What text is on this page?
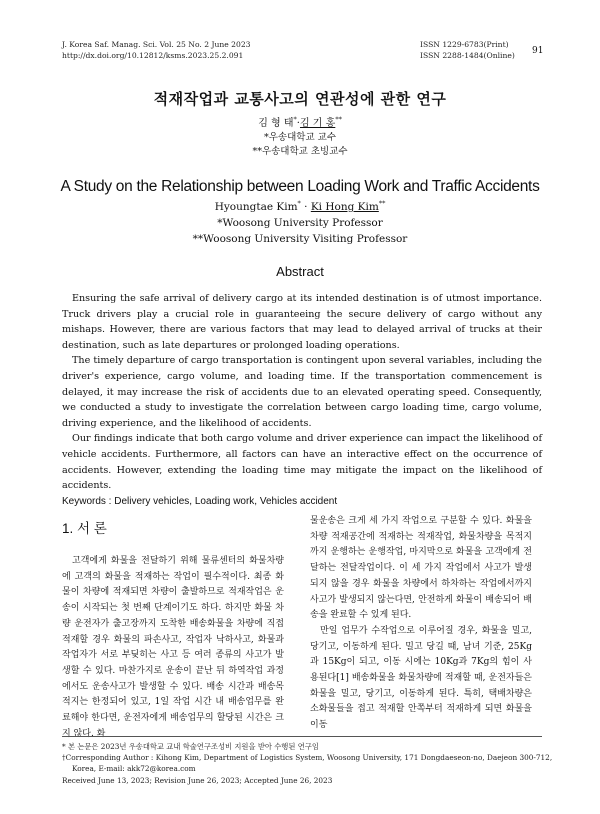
J. Korea Saf. Manag. Sci. Vol. 25 No. 2 June 2023
http://dx.doi.org/10.12812/ksms.2023.25.2.091
ISSN 1229-6783(Print)
ISSN 2288-1484(Online) 91
적재작업과 교통사고의 연관성에 관한 연구
김 형 태*·김 기 홍**
*우송대학교 교수
**우송대학교 초빙교수
A Study on the Relationship between Loading Work and Traffic Accidents
Hyoungtae Kim* · Ki Hong Kim**
*Woosong University Professor
**Woosong University Visiting Professor
Abstract

Ensuring the safe arrival of delivery cargo at its intended destination is of utmost importance. Truck drivers play a crucial role in guaranteeing the secure delivery of cargo without any mishaps. However, there are various factors that may lead to delayed arrival of trucks at their destination, such as late departures or prolonged loading operations.

The timely departure of cargo transportation is contingent upon several variables, including the driver's experience, cargo volume, and loading time. If the transportation commencement is delayed, it may increase the risk of accidents due to an elevated operating speed. Consequently, we conducted a study to investigate the correlation between cargo loading time, cargo volume, driving experience, and the likelihood of accidents.

Our findings indicate that both cargo volume and driver experience can impact the likelihood of vehicle accidents. Furthermore, all factors can have an interactive effect on the occurrence of accidents. However, extending the loading time may mitigate the impact on the likelihood of accidents.

Keywords : Delivery vehicles, Loading work, Vehicles accident
1. 서 론

고객에게 화물을 전달하기 위해 물류센터의 화물차량에 고객의 화물을 적재하는 작업이 필수적이다. 최종 화물이 차량에 적재되면 차량이 출발하므로 적재작업은 운송이 시작되는 첫 번째 단계이기도 하다. 하지만 화물 차량 운전자가 출고장까지 도착한 배송화물을 차량에 직접 적재할 경우 화물의 파손사고, 작업자 낙하사고, 화물과 작업자가 서로 부딪히는 사고 등 여러 종류의 사고가 발생할 수 있다. 마찬가지로 운송이 끝난 뒤 하역작업 과정에서도 운송사고가 발생할 수 있다. 배송 시간과 배송목적지는 한정되어 있고, 1일 작업 시간 내 배송업무를 완료해야 한다면, 운전자에게 배송업무의 할당된 시간은 크지 않다. 화

물운송은 크게 세 가지 작업으로 구분할 수 있다. 화물을 차량 적재공간에 적재하는 적재작업, 화물차량을 목적지까지 운행하는 운행작업, 마지막으로 화물을 고객에게 전달하는 전달작업이다. 이 세 가지 작업에서 사고가 발생되지 않을 경우 화물을 차량에서 하차하는 작업에서까지 사고가 발생되지 않는다면, 안전하게 화물이 배송되어 배송을 완료할 수 있게 된다.

만일 업무가 수작업으로 이루어질 경우, 화물을 밀고, 당기고, 이동하게 된다. 밀고 당길 때, 남녀 기준, 25Kg과 15Kg이 되고, 이동 시에는 10Kg과 7Kg의 힘이 사용된다[1] 배송화물을 화물차량에 적재할 때, 운전자들은 화물을 밀고, 당기고, 이동하게 된다. 특히, 택배차량은 소화물들을 접고 적재할 안쪽부터 적재하게 되면 화물을 이동

* 본 논문은 2023년 우송대학교 교내 학술연구조성비 지원을 받아 수행된 연구임
†Corresponding Author : Kihong Kim, Department of Logistics System, Woosong University, 171 Dongdaeseon-no, Daejeon 300-712,
Korea, E-mail: akk72@korea.com
Received June 13, 2023; Revision June 26, 2023; Accepted June 26, 2023
